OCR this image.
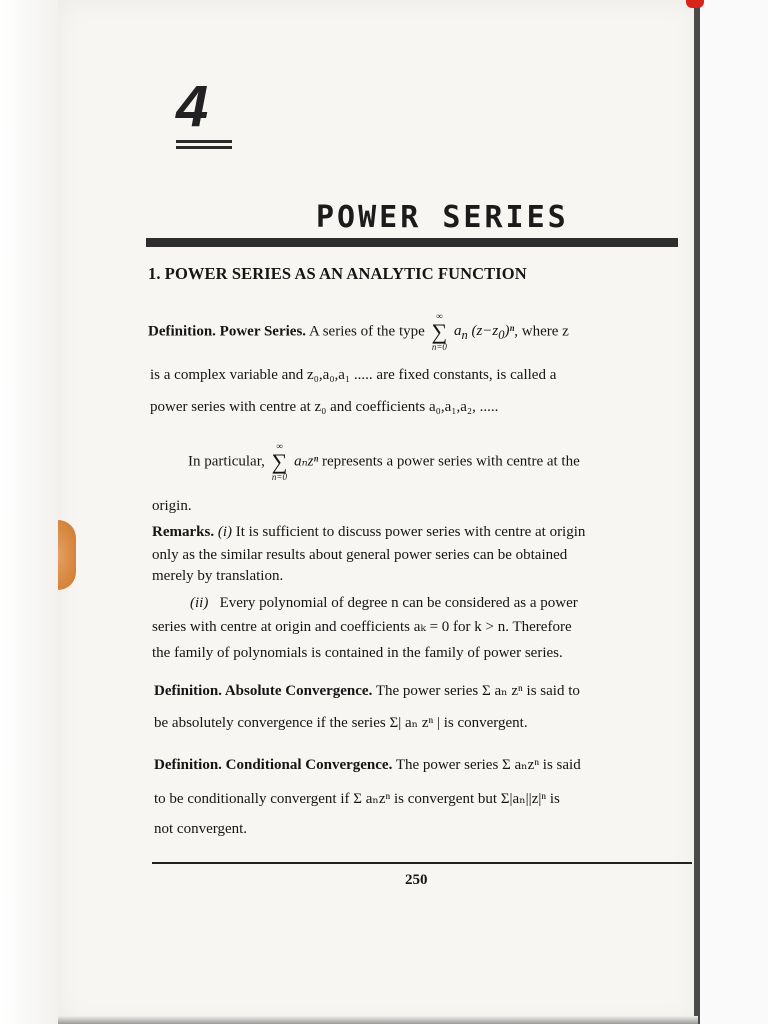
4
POWER SERIES
1. POWER SERIES AS AN ANALYTIC FUNCTION
Definition. Power Series. A series of the type
∞
∑
n=0
$a_n$ $(z-z_0)^n$, where z
is a complex variable and z₀,a₀,a₁ ..... are fixed constants, is called a
power series with centre at z₀ and coefficients a₀,a₁,a₂, .....
In particular,
∞
∑
n=0
aₙzⁿ represents a power series with centre at the
origin.
Remarks. (i) It is sufficient to discuss power series with centre at origin
only as the similar results about general power series can be obtained
merely by translation.
(ii) Every polynomial of degree n can be considered as a power
series with centre at origin and coefficients aₖ = 0 for k > n. Therefore
the family of polynomials is contained in the family of power series.
Definition. Absolute Convergence. The power series Σ aₙ zⁿ is said to
be absolutely convergence if the series Σ| aₙ zⁿ | is convergent.
Definition. Conditional Convergence. The power series Σ aₙzⁿ is said
to be conditionally convergent if Σ aₙzⁿ is convergent but Σ|aₙ||z|ⁿ is
not convergent.
250
